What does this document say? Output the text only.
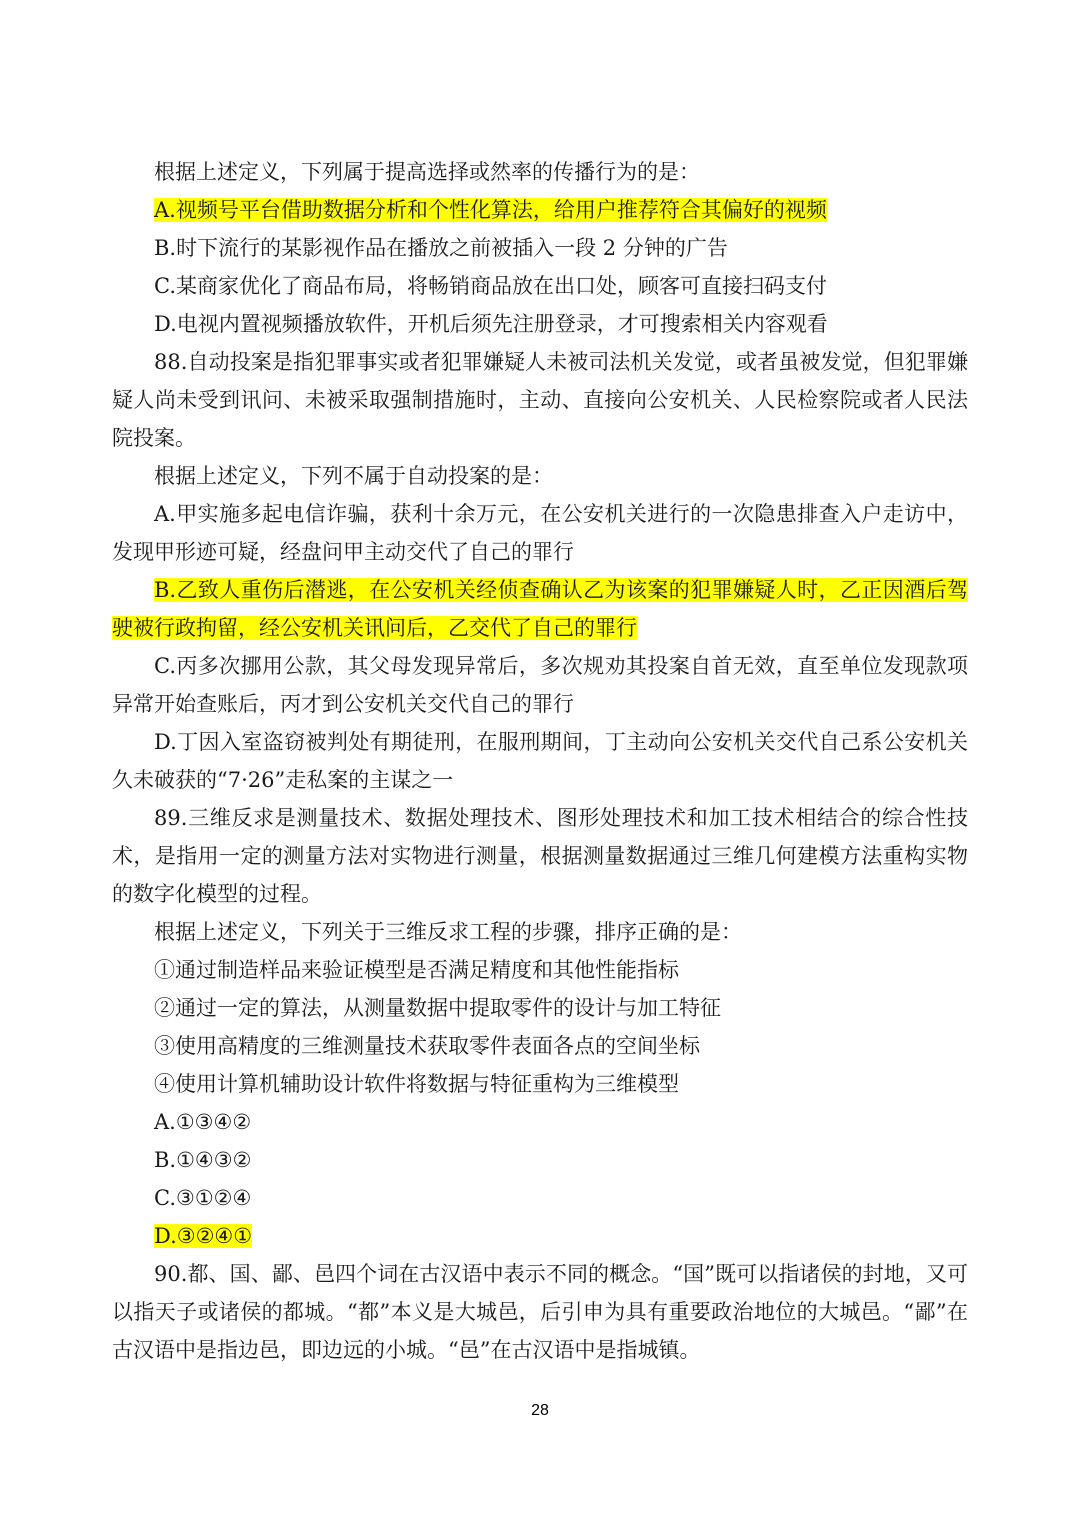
根据上述定义，下列属于提高选择或然率的传播行为的是：

A.视频号平台借助数据分析和个性化算法，给用户推荐符合其偏好的视频

B.时下流行的某影视作品在播放之前被插入一段 2 分钟的广告

C.某商家优化了商品布局，将畅销商品放在出口处，顾客可直接扫码支付

D.电视内置视频播放软件，开机后须先注册登录，才可搜索相关内容观看

88.自动投案是指犯罪事实或者犯罪嫌疑人未被司法机关发觉，或者虽被发觉，但犯罪嫌疑人尚未受到讯问、未被采取强制措施时，主动、直接向公安机关、人民检察院或者人民法院投案。

根据上述定义，下列不属于自动投案的是：

A.甲实施多起电信诈骗，获利十余万元，在公安机关进行的一次隐患排查入户走访中，发现甲形迹可疑，经盘问甲主动交代了自己的罪行

B.乙致人重伤后潜逃，在公安机关经侦查确认乙为该案的犯罪嫌疑人时，乙正因酒后驾驶被行政拘留，经公安机关讯问后，乙交代了自己的罪行

C.丙多次挪用公款，其父母发现异常后，多次规劝其投案自首无效，直至单位发现款项异常开始查账后，丙才到公安机关交代自己的罪行

D.丁因入室盗窃被判处有期徒刑，在服刑期间，丁主动向公安机关交代自己系公安机关久未破获的“7·26”走私案的主谋之一

89.三维反求是测量技术、数据处理技术、图形处理技术和加工技术相结合的综合性技术，是指用一定的测量方法对实物进行测量，根据测量数据通过三维几何建模方法重构实物的数字化模型的过程。

根据上述定义，下列关于三维反求工程的步骤，排序正确的是：

①通过制造样品来验证模型是否满足精度和其他性能指标

②通过一定的算法，从测量数据中提取零件的设计与加工特征

③使用高精度的三维测量技术获取零件表面各点的空间坐标

④使用计算机辅助设计软件将数据与特征重构为三维模型

A.①③④②

B.①④③②

C.③①②④

D.③②④①

90.都、国、鄙、邑四个词在古汉语中表示不同的概念。“国”既可以指诸侯的封地，又可以指天子或诸侯的都城。“都”本义是大城邑，后引申为具有重要政治地位的大城邑。“鄙”在古汉语中是指边邑，即边远的小城。“邑”在古汉语中是指城镇。

28
